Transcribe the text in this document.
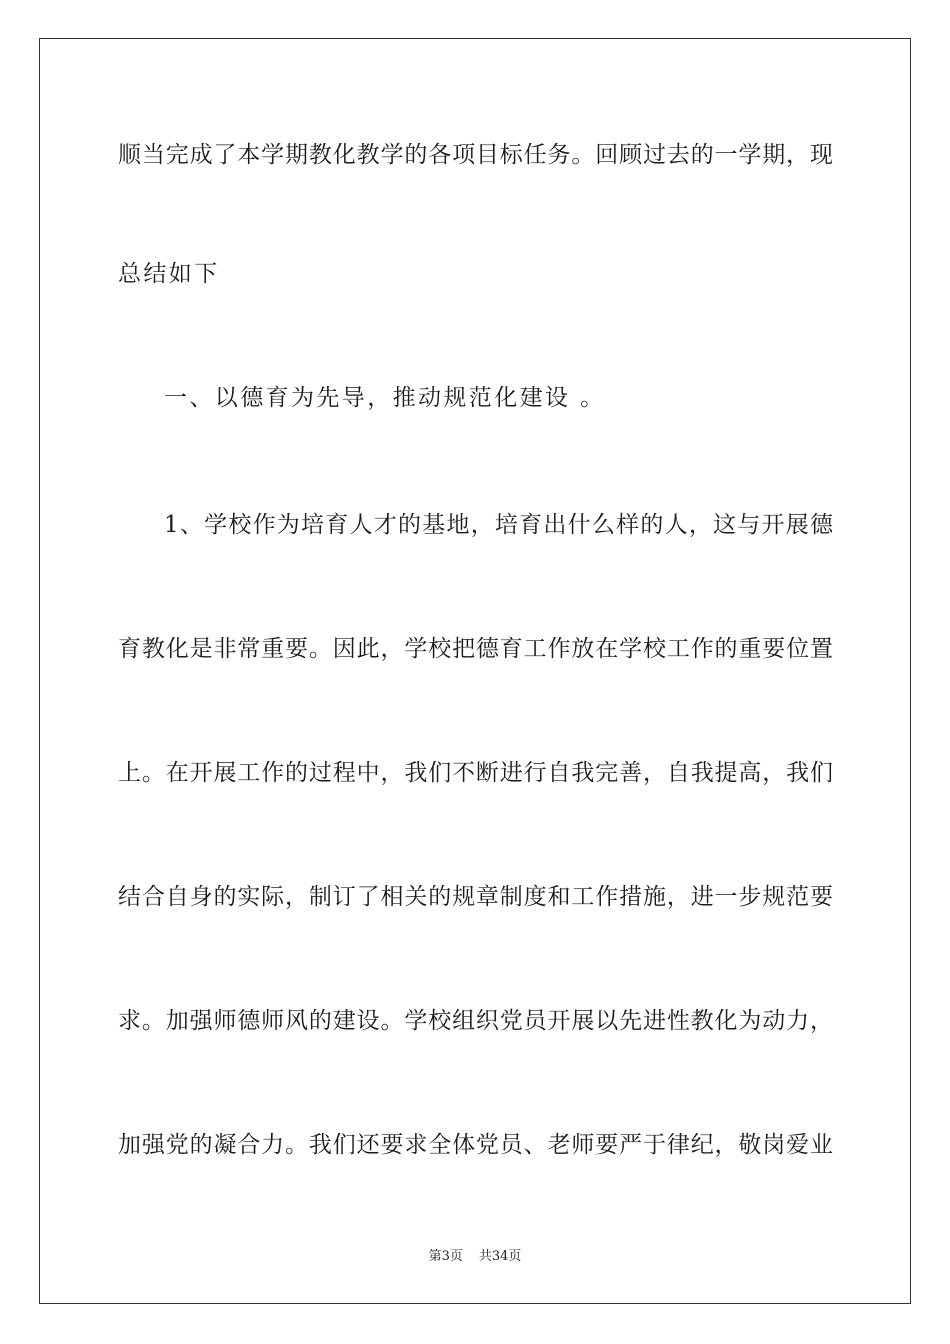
顺当完成了本学期教化教学的各项目标任务。回顾过去的一学期，现
总结如下
一、以德育为先导，推动规范化建设 。
1、学校作为培育人才的基地，培育出什么样的人，这与开展德
育教化是非常重要。因此，学校把德育工作放在学校工作的重要位置
上。在开展工作的过程中，我们不断进行自我完善，自我提高，我们
结合自身的实际，制订了相关的规章制度和工作措施，进一步规范要
求。加强师德师风的建设。学校组织党员开展以先进性教化为动力，
加强党的凝合力。我们还要求全体党员、老师要严于律纪，敬岗爱业
第3页 共34页
